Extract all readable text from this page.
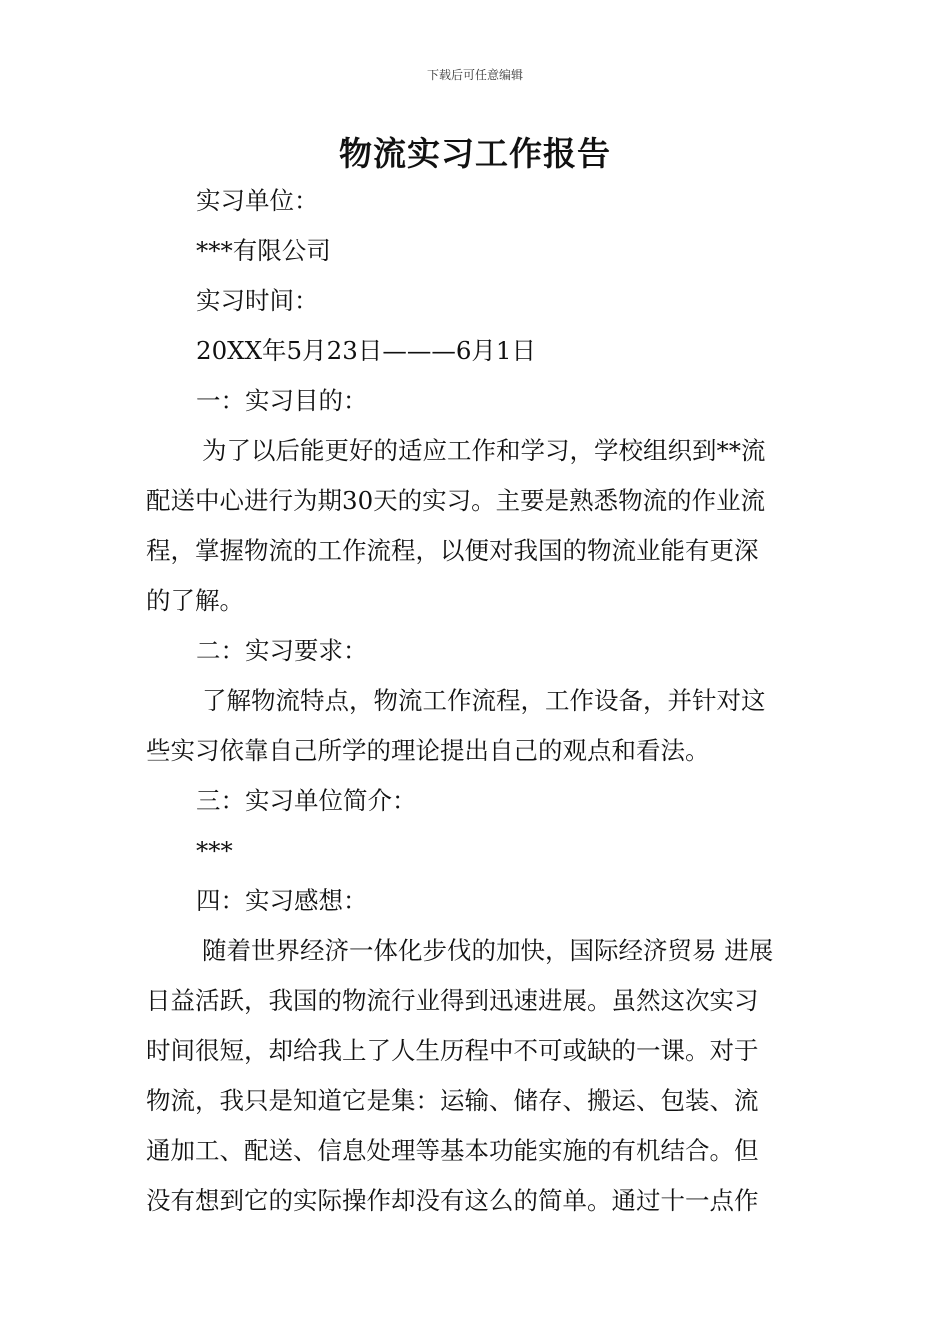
下载后可任意编辑
物流实习工作报告
实习单位：
***有限公司
实习时间：
20XX年5月23日———6月1日
一：实习目的：
为了以后能更好的适应工作和学习，学校组织到**流
配送中心进行为期30天的实习。主要是熟悉物流的作业流
程，掌握物流的工作流程，以便对我国的物流业能有更深
的了解。
二：实习要求：
了解物流特点，物流工作流程，工作设备，并针对这
些实习依靠自己所学的理论提出自己的观点和看法。
三：实习单位简介：
***
四：实习感想：
随着世界经济一体化步伐的加快，国际经济贸易 进展
日益活跃，我国的物流行业得到迅速进展。虽然这次实习
时间很短，却给我上了人生历程中不可或缺的一课。对于
物流，我只是知道它是集：运输、储存、搬运、包装、流
通加工、配送、信息处理等基本功能实施的有机结合。但
没有想到它的实际操作却没有这么的简单。通过十一点作
